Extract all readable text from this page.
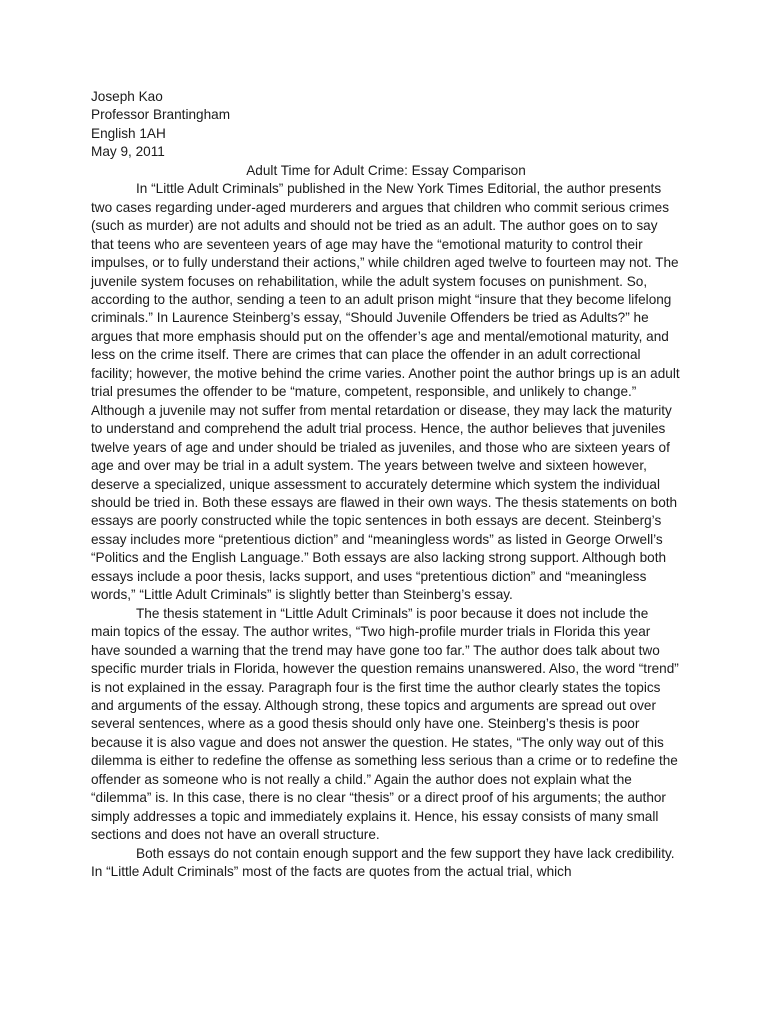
Joseph Kao
Professor Brantingham
English 1AH
May 9, 2011
Adult Time for Adult Crime: Essay Comparison

In “Little Adult Criminals” published in the New York Times Editorial, the author presents two cases regarding under-aged murderers and argues that children who commit serious crimes (such as murder) are not adults and should not be tried as an adult. The author goes on to say that teens who are seventeen years of age may have the “emotional maturity to control their impulses, or to fully understand their actions,” while children aged twelve to fourteen may not. The juvenile system focuses on rehabilitation, while the adult system focuses on punishment. So, according to the author, sending a teen to an adult prison might “insure that they become lifelong criminals.” In Laurence Steinberg’s essay, “Should Juvenile Offenders be tried as Adults?” he argues that more emphasis should put on the offender’s age and mental/emotional maturity, and less on the crime itself. There are crimes that can place the offender in an adult correctional facility; however, the motive behind the crime varies. Another point the author brings up is an adult trial presumes the offender to be “mature, competent, responsible, and unlikely to change.” Although a juvenile may not suffer from mental retardation or disease, they may lack the maturity to understand and comprehend the adult trial process. Hence, the author believes that juveniles twelve years of age and under should be trialed as juveniles, and those who are sixteen years of age and over may be trial in a adult system. The years between twelve and sixteen however, deserve a specialized, unique assessment to accurately determine which system the individual should be tried in. Both these essays are flawed in their own ways. The thesis statements on both essays are poorly constructed while the topic sentences in both essays are decent. Steinberg’s essay includes more “pretentious diction” and “meaningless words” as listed in George Orwell’s “Politics and the English Language.” Both essays are also lacking strong support. Although both essays include a poor thesis, lacks support, and uses “pretentious diction” and “meaningless words,” “Little Adult Criminals” is slightly better than Steinberg’s essay.

The thesis statement in “Little Adult Criminals” is poor because it does not include the main topics of the essay. The author writes, “Two high-profile murder trials in Florida this year have sounded a warning that the trend may have gone too far.” The author does talk about two specific murder trials in Florida, however the question remains unanswered. Also, the word “trend” is not explained in the essay. Paragraph four is the first time the author clearly states the topics and arguments of the essay. Although strong, these topics and arguments are spread out over several sentences, where as a good thesis should only have one. Steinberg’s thesis is poor because it is also vague and does not answer the question. He states, “The only way out of this dilemma is either to redefine the offense as something less serious than a crime or to redefine the offender as someone who is not really a child.” Again the author does not explain what the “dilemma” is. In this case, there is no clear “thesis” or a direct proof of his arguments; the author simply addresses a topic and immediately explains it. Hence, his essay consists of many small sections and does not have an overall structure.

Both essays do not contain enough support and the few support they have lack credibility. In “Little Adult Criminals” most of the facts are quotes from the actual trial, which
